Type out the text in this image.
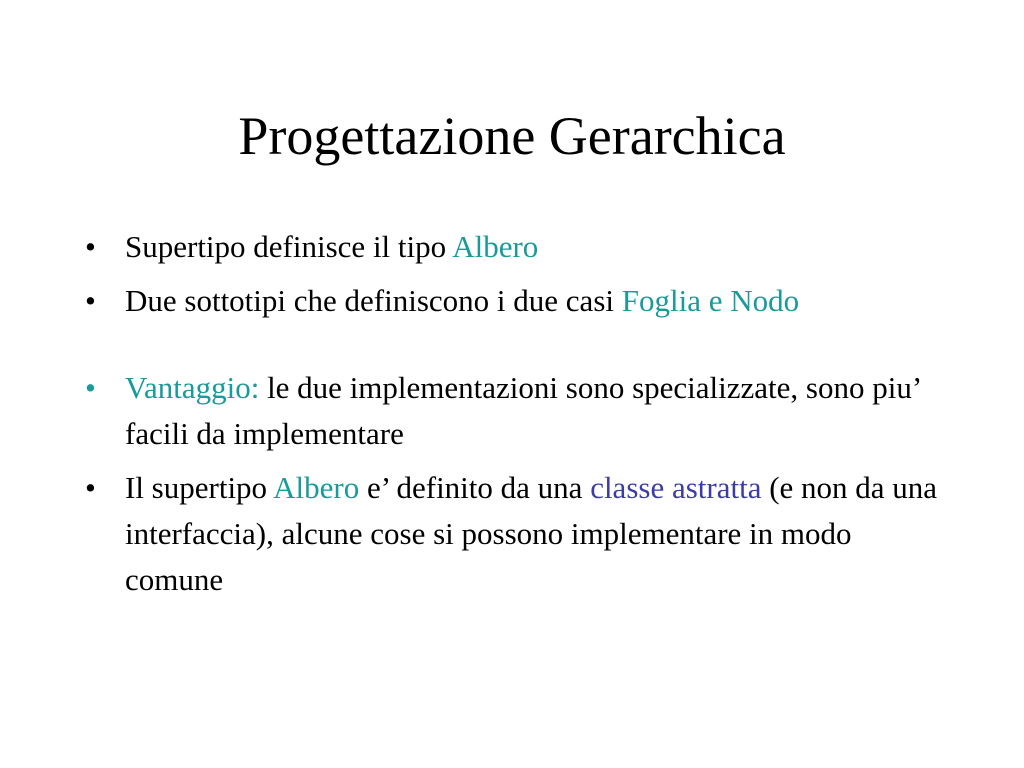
Progettazione Gerarchica
• Supertipo definisce il tipo Albero
• Due sottotipi che definiscono i due casi Foglia e Nodo
• Vantaggio: le due implementazioni sono specializzate, sono piu’ facili da implementare
• Il supertipo Albero e’ definito da una classe astratta (e non da una interfaccia), alcune cose si possono implementare in modo comune
